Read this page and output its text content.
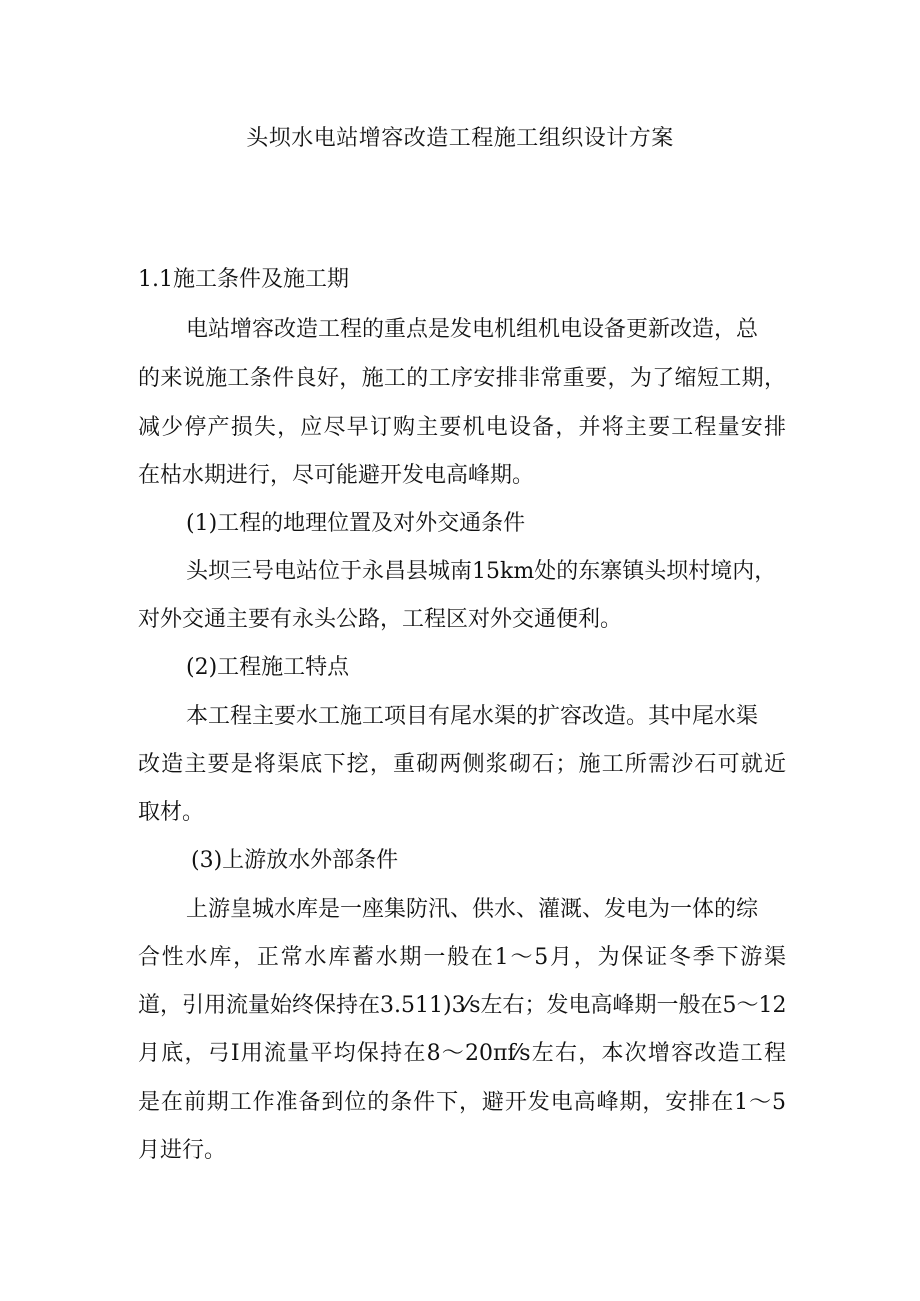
头坝水电站增容改造工程施工组织设计方案
1.1施工条件及施工期
电站增容改造工程的重点是发电机组机电设备更新改造，总
的来说施工条件良好，施工的工序安排非常重要，为了缩短工期，
减少停产损失，应尽早订购主要机电设备，并将主要工程量安排
在枯水期进行，尽可能避开发电高峰期。
(1)工程的地理位置及对外交通条件
头坝三号电站位于永昌县城南15km处的东寨镇头坝村境内，
对外交通主要有永头公路，工程区对外交通便利。
(2)工程施工特点
本工程主要水工施工项目有尾水渠的扩容改造。其中尾水渠
改造主要是将渠底下挖，重砌两侧浆砌石；施工所需沙石可就近
取材。
(3)上游放水外部条件
上游皇城水库是一座集防汛、供水、灌溉、发电为一体的综
合性水库，正常水库蓄水期一般在1～5月，为保证冬季下游渠
道，引用流量始终保持在3.511)3⁄s左右；发电高峰期一般在5～12
月底，弓I用流量平均保持在8～20πf⁄s左右，本次增容改造工程
是在前期工作准备到位的条件下，避开发电高峰期，安排在1～5
月进行。
